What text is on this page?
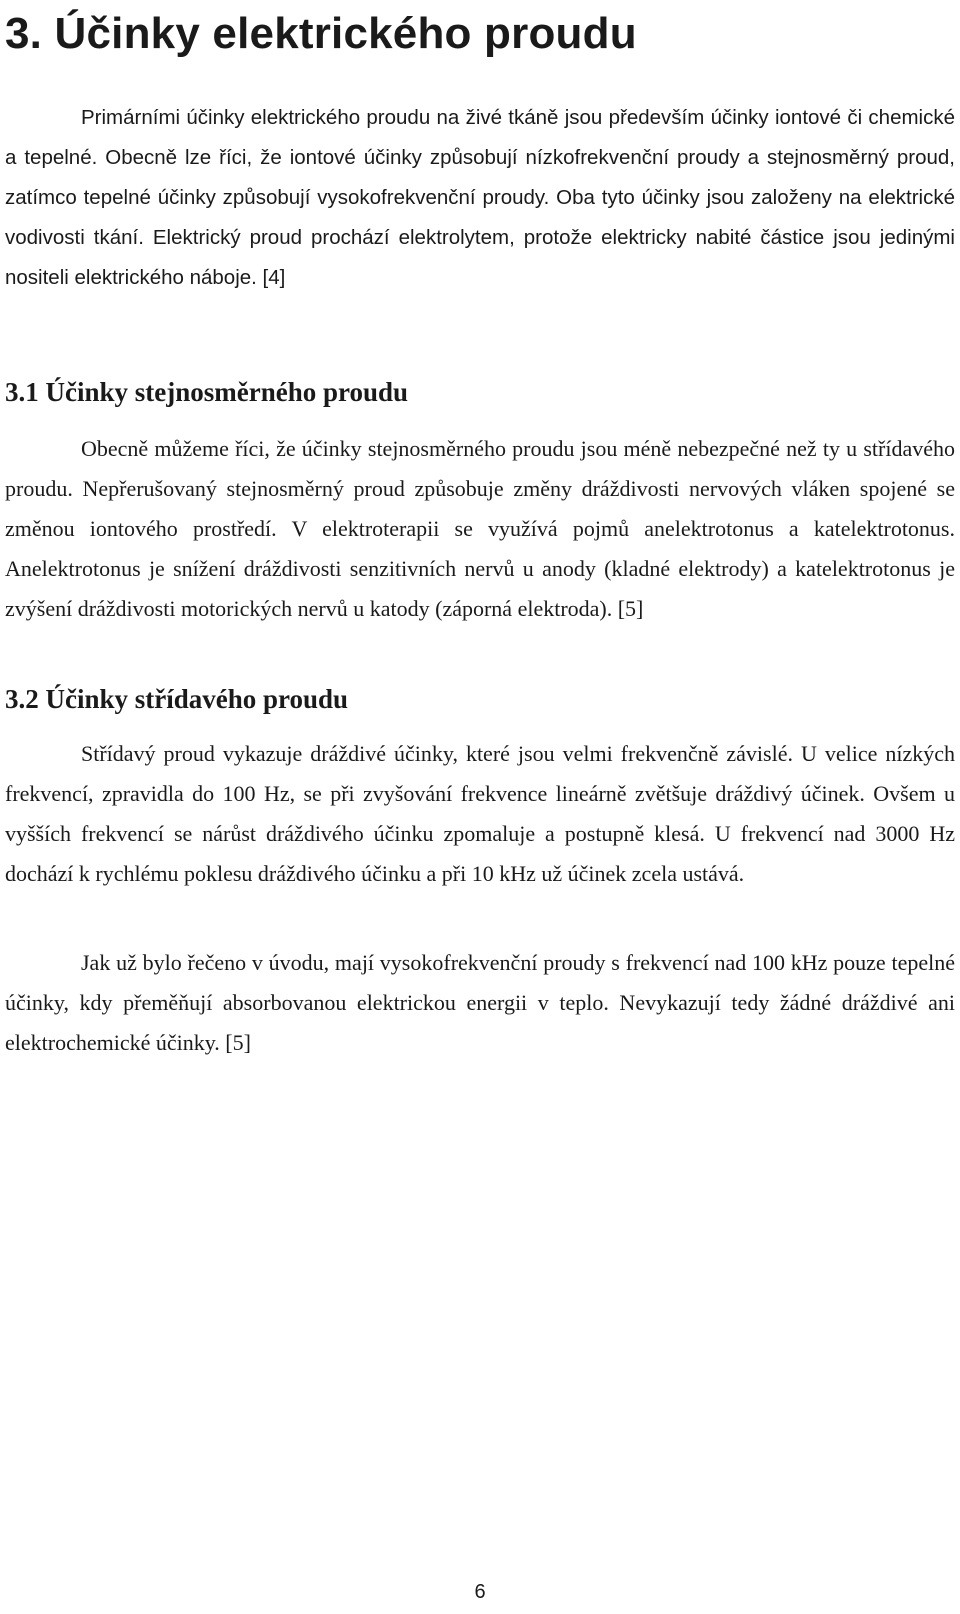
3. Účinky elektrického proudu

Primárními účinky elektrického proudu na živé tkáně jsou především účinky iontové či chemické a tepelné. Obecně lze říci, že iontové účinky způsobují nízkofrekvenční proudy a stejnosměrný proud, zatímco tepelné účinky způsobují vysokofrekvenční proudy. Oba tyto účinky jsou založeny na elektrické vodivosti tkání. Elektrický proud prochází elektrolytem, protože elektricky nabité částice jsou jedinými nositeli elektrického náboje. [4]

3.1 Účinky stejnosměrného proudu

Obecně můžeme říci, že účinky stejnosměrného proudu jsou méně nebezpečné než ty u střídavého proudu. Nepřerušovaný stejnosměrný proud způsobuje změny dráždivosti nervových vláken spojené se změnou iontového prostředí. V elektroterapii se využívá pojmů anelektrotonus a katelektrotonus. Anelektrotonus je snížení dráždivosti senzitivních nervů u anody (kladné elektrody) a katelektrotonus je zvýšení dráždivosti motorických nervů u katody (záporná elektroda). [5]

3.2 Účinky střídavého proudu

Střídavý proud vykazuje dráždivé účinky, které jsou velmi frekvenčně závislé. U velice nízkých frekvencí, zpravidla do 100 Hz, se při zvyšování frekvence lineárně zvětšuje dráždivý účinek. Ovšem u vyšších frekvencí se nárůst dráždivého účinku zpomaluje a postupně klesá. U frekvencí nad 3000 Hz dochází k rychlému poklesu dráždivého účinku a při 10 kHz už účinek zcela ustává.

Jak už bylo řečeno v úvodu, mají vysokofrekvenční proudy s frekvencí nad 100 kHz pouze tepelné účinky, kdy přeměňují absorbovanou elektrickou energii v teplo. Nevykazují tedy žádné dráždivé ani elektrochemické účinky. [5]

6
